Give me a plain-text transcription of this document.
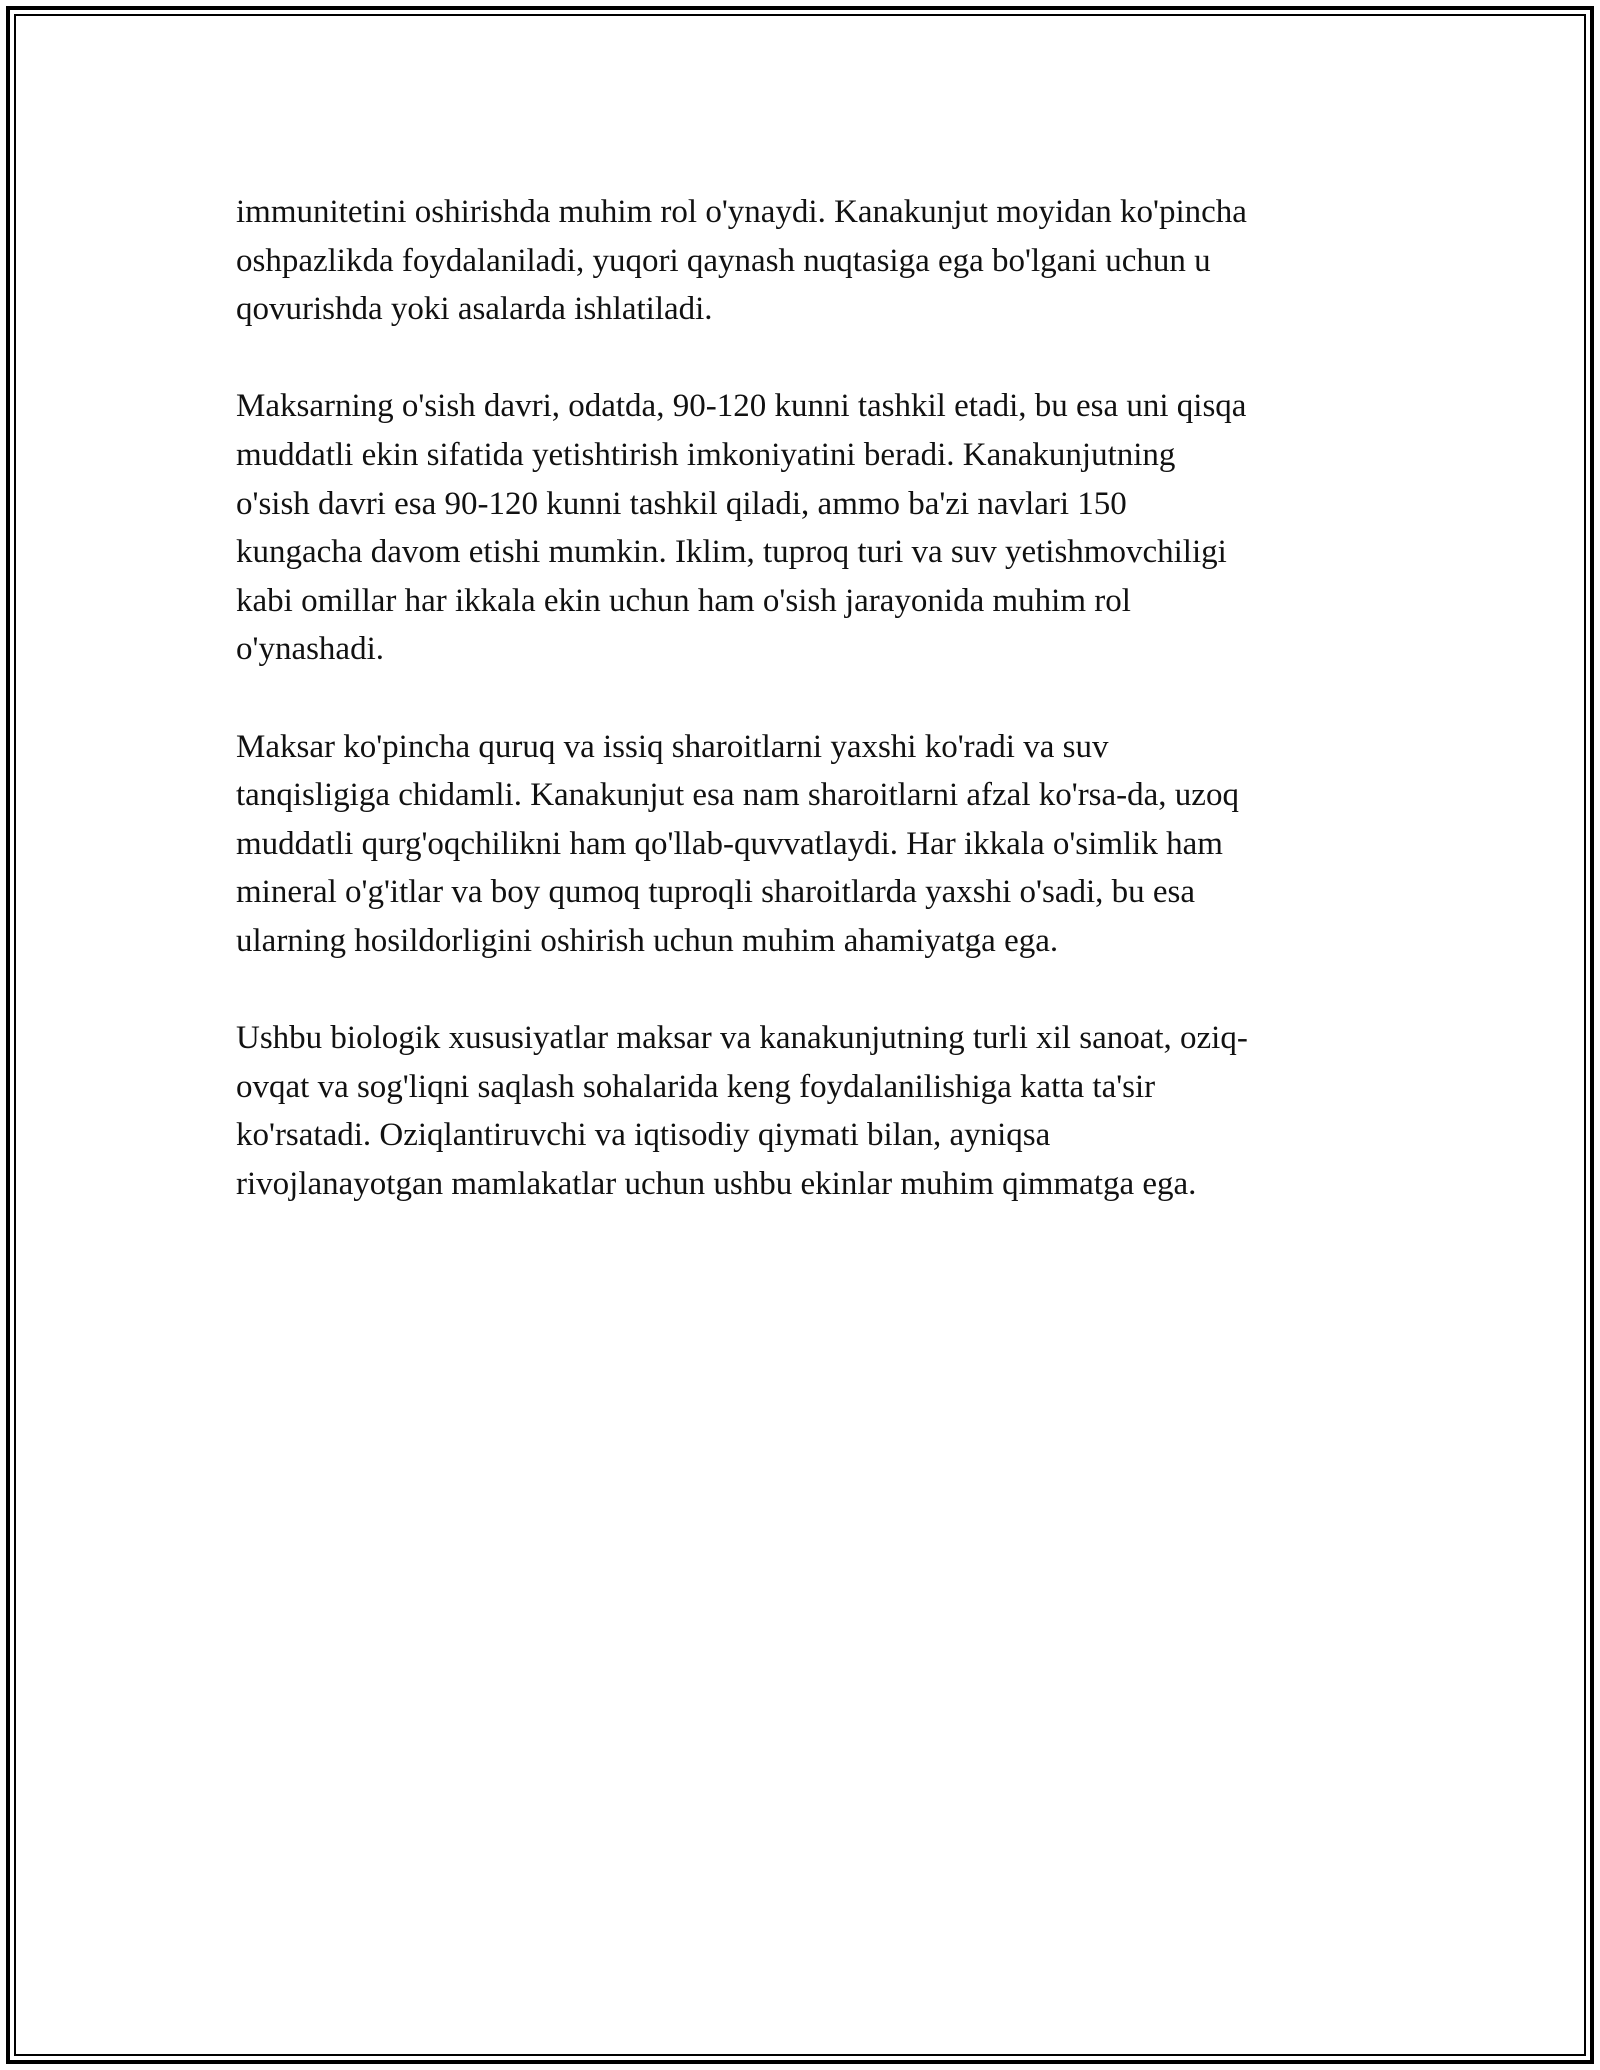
immunitetini oshirishda muhim rol o'ynaydi. Kanakunjut moyidan ko'pincha
oshpazlikda foydalaniladi, yuqori qaynash nuqtasiga ega bo'lgani uchun u
qovurishda yoki asalarda ishlatiladi.

Maksarning o'sish davri, odatda, 90-120 kunni tashkil etadi, bu esa uni qisqa
muddatli ekin sifatida yetishtirish imkoniyatini beradi. Kanakunjutning
o'sish davri esa 90-120 kunni tashkil qiladi, ammo ba'zi navlari 150
kungacha davom etishi mumkin. Iklim, tuproq turi va suv yetishmovchiligi
kabi omillar har ikkala ekin uchun ham o'sish jarayonida muhim rol
o'ynashadi.

Maksar ko'pincha quruq va issiq sharoitlarni yaxshi ko'radi va suv
tanqisligiga chidamli. Kanakunjut esa nam sharoitlarni afzal ko'rsa-da, uzoq
muddatli qurg'oqchilikni ham qo'llab-quvvatlaydi. Har ikkala o'simlik ham
mineral o'g'itlar va boy qumoq tuproqli sharoitlarda yaxshi o'sadi, bu esa
ularning hosildorligini oshirish uchun muhim ahamiyatga ega.

Ushbu biologik xususiyatlar maksar va kanakunjutning turli xil sanoat, oziq-
ovqat va sog'liqni saqlash sohalarida keng foydalanilishiga katta ta'sir
ko'rsatadi. Oziqlantiruvchi va iqtisodiy qiymati bilan, ayniqsa
rivojlanayotgan mamlakatlar uchun ushbu ekinlar muhim qimmatga ega.
